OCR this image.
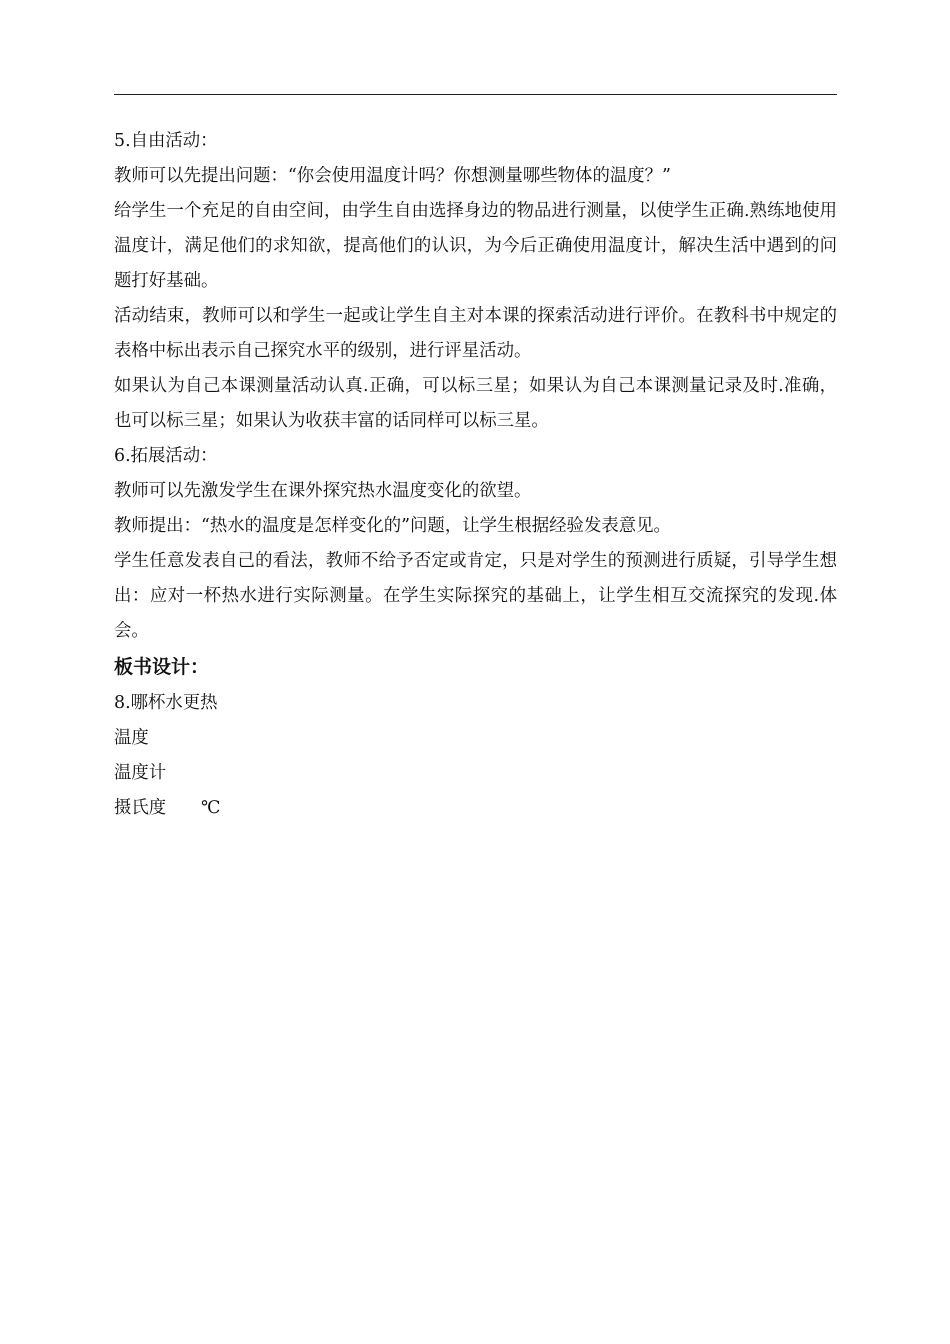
5.自由活动：

教师可以先提出问题：“你会使用温度计吗？你想测量哪些物体的温度？”

给学生一个充足的自由空间，由学生自由选择身边的物品进行测量，以使学生正确.熟练地使用温度计，满足他们的求知欲，提高他们的认识，为今后正确使用温度计，解决生活中遇到的问题打好基础。

活动结束，教师可以和学生一起或让学生自主对本课的探索活动进行评价。在教科书中规定的表格中标出表示自己探究水平的级别，进行评星活动。

如果认为自己本课测量活动认真.正确，可以标三星；如果认为自己本课测量记录及时.准确，也可以标三星；如果认为收获丰富的话同样可以标三星。

6.拓展活动：

教师可以先激发学生在课外探究热水温度变化的欲望。

教师提出：“热水的温度是怎样变化的”问题，让学生根据经验发表意见。

学生任意发表自己的看法，教师不给予否定或肯定，只是对学生的预测进行质疑，引导学生想出：应对一杯热水进行实际测量。在学生实际探究的基础上，让学生相互交流探究的发现.体会。

板书设计：

8.哪杯水更热

温度

温度计

摄氏度　　℃
